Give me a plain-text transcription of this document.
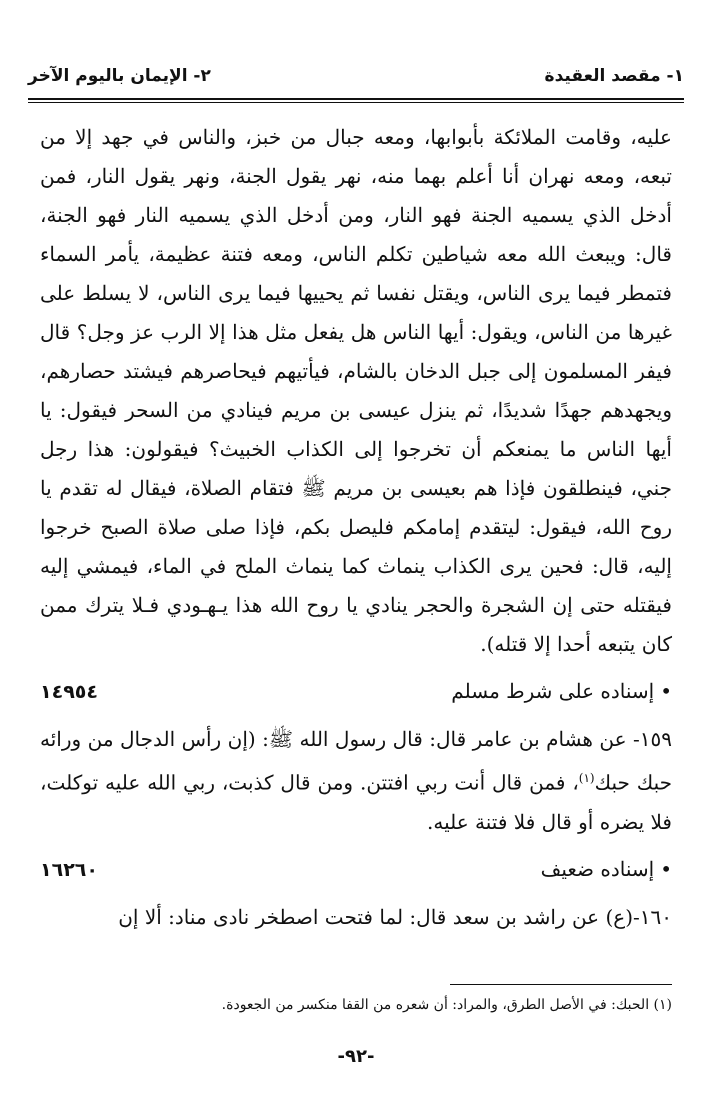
١- مقصد العقيدة
٢- الإيمان باليوم الآخر

عليه، وقامت الملائكة بأبوابها، ومعه جبال من خبز، والناس في جهد إلا من تبعه، ومعه نهران أنا أعلم بهما منه، نهر يقول الجنة، ونهر يقول النار، فمن أدخل الذي يسميه الجنة فهو النار، ومن أدخل الذي يسميه النار فهو الجنة، قال: ويبعث الله معه شياطين تكلم الناس، ومعه فتنة عظيمة، يأمر السماء فتمطر فيما يرى الناس، ويقتل نفسا ثم يحييها فيما يرى الناس، لا يسلط على غيرها من الناس، ويقول: أيها الناس هل يفعل مثل هذا إلا الرب عز وجل؟ قال فيفر المسلمون إلى جبل الدخان بالشام، فيأتيهم فيحاصرهم فيشتد حصارهم، ويجهدهم جهدًا شديدًا، ثم ينزل عيسى بن مريم فينادي من السحر فيقول: يا أيها الناس ما يمنعكم أن تخرجوا إلى الكذاب الخبيث؟ فيقولون: هذا رجل جني، فينطلقون فإذا هم بعيسى بن مريم ﷺ فتقام الصلاة، فيقال له تقدم يا روح الله، فيقول: ليتقدم إمامكم فليصل بكم، فإذا صلى صلاة الصبح خرجوا إليه، قال: فحين يرى الكذاب ينماث كما ينماث الملح في الماء، فيمشي إليه فيقتله حتى إن الشجرة والحجر ينادي يا روح الله هذا يـهـودي فـلا يترك ممن كان يتبعه أحدا إلا قتله).

• إسناده على شرط مسلم
١٤٩٥٤

١٥٩- عن هشام بن عامر قال: قال رسول الله ﷺ: (إن رأس الدجال من ورائه حبك حبك$^{(١)}$، فمن قال أنت ربي افتتن. ومن قال كذبت، ربي الله عليه توكلت، فلا يضره أو قال فلا فتنة عليه.

• إسناده ضعيف
١٦٢٦٠

١٦٠-(ع) عن راشد بن سعد قال: لما فتحت اصطخر نادى مناد: ألا إن

(١) الحبك: في الأصل الطرق، والمراد: أن شعره من القفا منكسر من الجعودة.
-٩٢-
